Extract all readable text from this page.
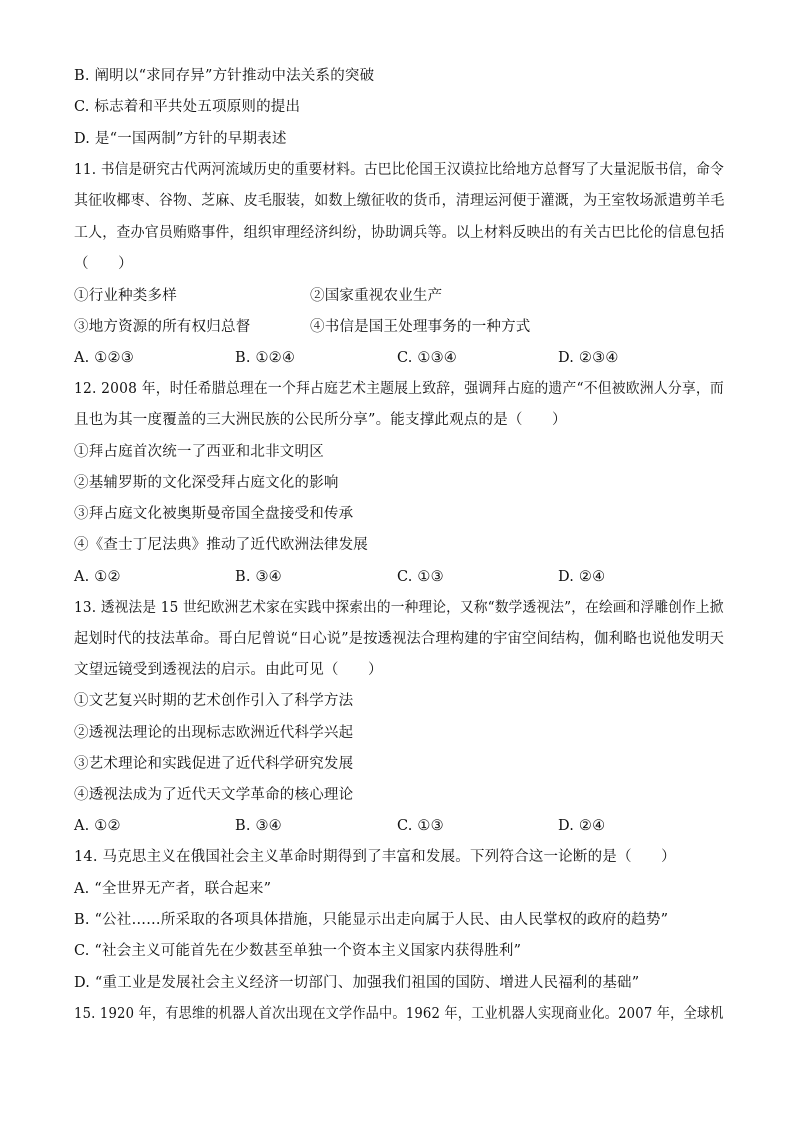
B. 阐明以“求同存异”方针推动中法关系的突破
C. 标志着和平共处五项原则的提出
D. 是“一国两制”方针的早期表述
11. 书信是研究古代两河流域历史的重要材料。古巴比伦国王汉谟拉比给地方总督写了大量泥版书信，命令
其征收椰枣、谷物、芝麻、皮毛服装，如数上缴征收的货币，清理运河便于灌溉，为王室牧场派遣剪羊毛
工人，查办官员贿赂事件，组织审理经济纠纷，协助调兵等。以上材料反映出的有关古巴比伦的信息包括
（　　）
①行业种类多样	②国家重视农业生产
③地方资源的所有权归总督	④书信是国王处理事务的一种方式
A. ①②③	B. ①②④	C. ①③④	D. ②③④
12. 2008 年，时任希腊总理在一个拜占庭艺术主题展上致辞，强调拜占庭的遗产“不但被欧洲人分享，而
且也为其一度覆盖的三大洲民族的公民所分享”。能支撑此观点的是（　　）
①拜占庭首次统一了西亚和北非文明区
②基辅罗斯的文化深受拜占庭文化的影响
③拜占庭文化被奥斯曼帝国全盘接受和传承
④《查士丁尼法典》推动了近代欧洲法律发展
A. ①②	B. ③④	C. ①③	D. ②④
13. 透视法是 15 世纪欧洲艺术家在实践中探索出的一种理论，又称“数学透视法”，在绘画和浮雕创作上掀
起划时代的技法革命。哥白尼曾说“日心说”是按透视法合理构建的宇宙空间结构，伽利略也说他发明天
文望远镜受到透视法的启示。由此可见（　　）
①文艺复兴时期的艺术创作引入了科学方法
②透视法理论的出现标志欧洲近代科学兴起
③艺术理论和实践促进了近代科学研究发展
④透视法成为了近代天文学革命的核心理论
A. ①②	B. ③④	C. ①③	D. ②④
14. 马克思主义在俄国社会主义革命时期得到了丰富和发展。下列符合这一论断的是（　　）
A. “全世界无产者，联合起来”
B. “公社……所采取的各项具体措施，只能显示出走向属于人民、由人民掌权的政府的趋势”
C. “社会主义可能首先在少数甚至单独一个资本主义国家内获得胜利”
D. “重工业是发展社会主义经济一切部门、加强我们祖国的国防、增进人民福利的基础”
15. 1920 年，有思维的机器人首次出现在文学作品中。1962 年，工业机器人实现商业化。2007 年，全球机
